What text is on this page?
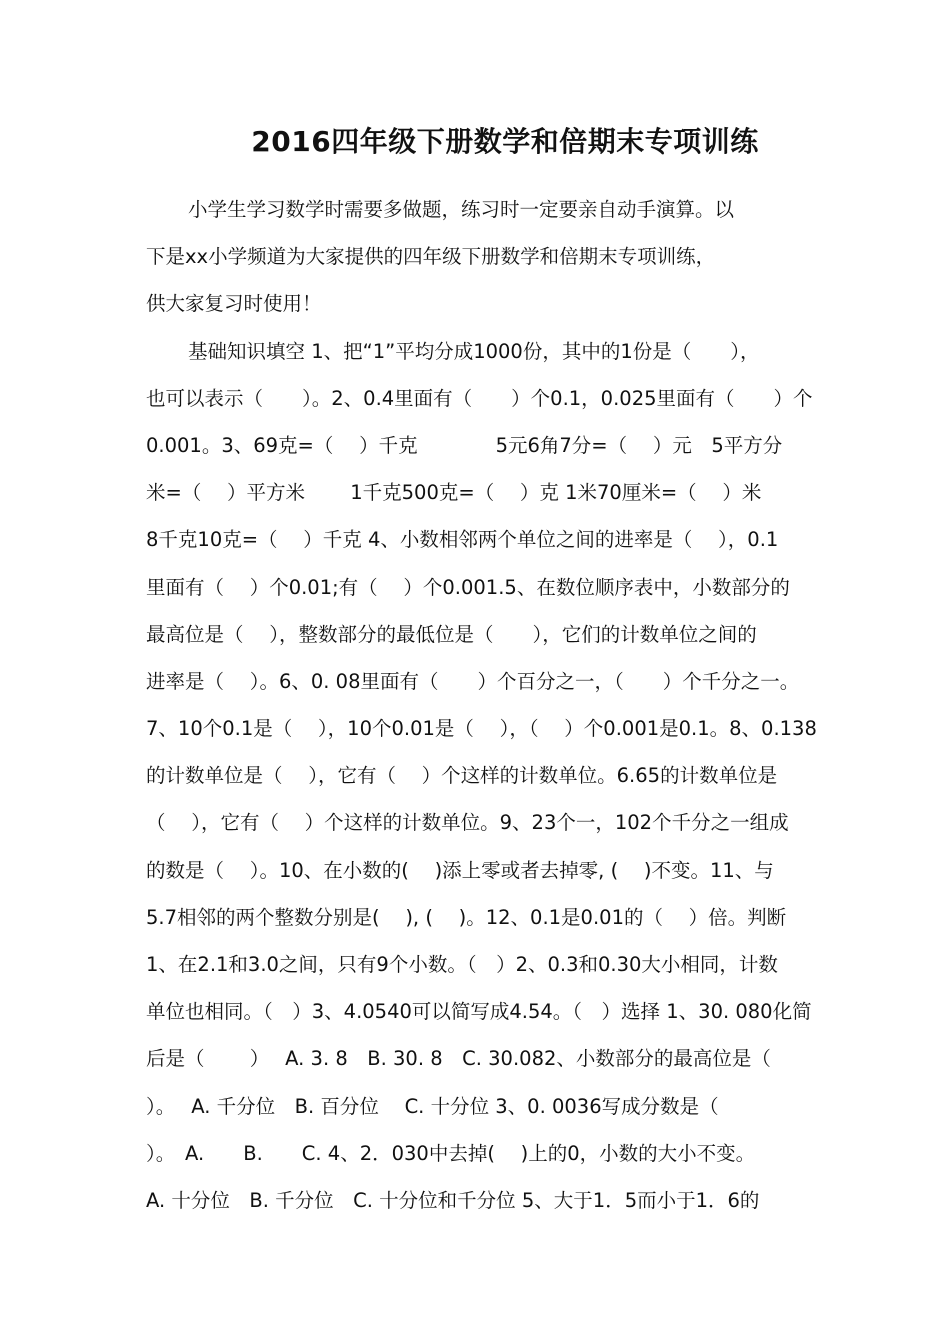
2016四年级下册数学和倍期末专项训练
小学生学习数学时需要多做题，练习时一定要亲自动手演算。以
下是xx小学频道为大家提供的四年级下册数学和倍期末专项训练，
供大家复习时使用！
基础知识填空 1、把“1”平均分成1000份，其中的1份是（　　），
也可以表示（　　）。2、0.4里面有（　　）个0.1，0.025里面有（　　）个
0.001。3、69克=（　 ）千克　　　　5元6角7分=（　 ）元　5平方分
米=（　 ）平方米　　 1千克500克=（　 ）克 1米70厘米=（　 ）米
8千克10克=（　 ）千克 4、小数相邻两个单位之间的进率是（　 ），0.1
里面有（　 ）个0.01;有（　 ）个0.001.5、在数位顺序表中，小数部分的
最高位是（　 ），整数部分的最低位是（　　），它们的计数单位之间的
进率是（　 ）。6、0. 08里面有（　　）个百分之一，（　　）个千分之一。
7、10个0.1是（　 ），10个0.01是（　 ），（　 ）个0.001是0.1。8、0.138
的计数单位是（　 ），它有（　 ）个这样的计数单位。6.65的计数单位是
（　 ），它有（　 ）个这样的计数单位。9、23个一，102个千分之一组成
的数是（　 ）。10、在小数的(　 )添上零或者去掉零, (　 )不变。11、与
5.7相邻的两个整数分别是(　 ), (　 )。12、0.1是0.01的（　 ）倍。判断
1、在2.1和3.0之间，只有9个小数。（　）2、0.3和0.30大小相同，计数
单位也相同。（　）3、4.0540可以简写成4.54。（　）选择 1、30. 080化简
后是（　　 ）　 A. 3. 8　B. 30. 8　C. 30.082、小数部分的最高位是（
）。　 A. 千分位　B. 百分位　 C. 十分位 3、0. 0036写成分数是（
）。　A.　　B.　　C. 4、2．030中去掉(　 )上的0，小数的大小不变。
A. 十分位　B. 千分位　C. 十分位和千分位 5、大于1．5而小于1．6的
